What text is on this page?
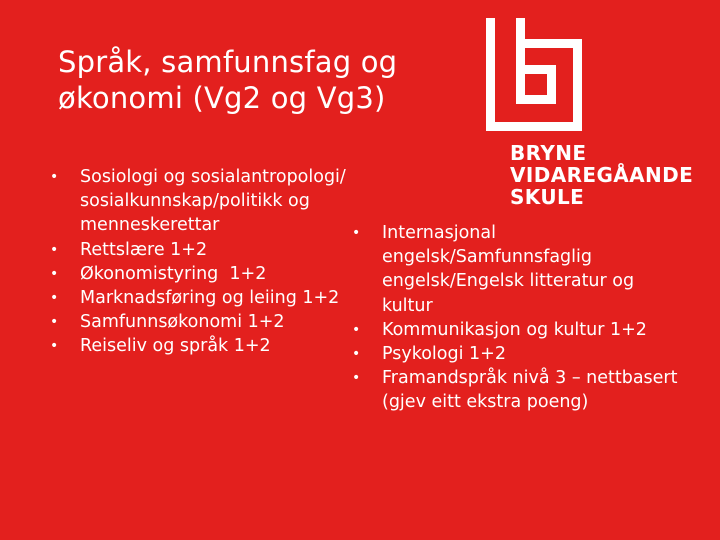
Språk, samfunnsfag og
økonomi (Vg2 og Vg3)
BRYNE
VIDAREGÅANDE
SKULE
•	Sosiologi og sosialantropologi/ sosialkunnskap/politikk og menneskerettar
•	Rettslære 1+2
•	Økonomistyring  1+2
•	Marknadsføring og leiing 1+2
•	Samfunnsøkonomi 1+2
•	Reiseliv og språk 1+2
•	Internasjonal engelsk/Samfunnsfaglig engelsk/Engelsk litteratur og kultur
•	Kommunikasjon og kultur 1+2
•	Psykologi 1+2
•	Framandspråk nivå 3 – nettbasert (gjev eitt ekstra poeng)
